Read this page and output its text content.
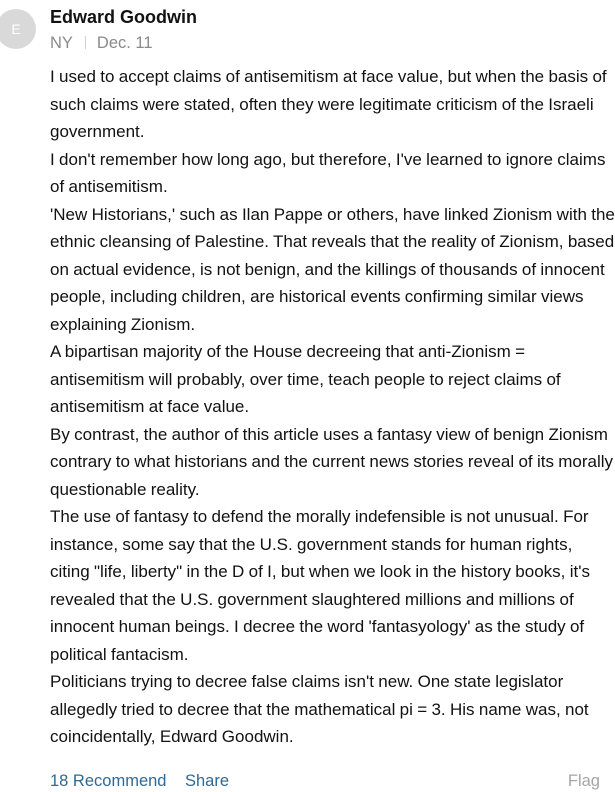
E
Edward Goodwin
NY Dec. 11

I used to accept claims of antisemitism at face value, but when the basis of such claims were stated, often they were legitimate criticism of the Israeli government.

I don't remember how long ago, but therefore, I've learned to ignore claims of antisemitism.

'New Historians,' such as Ilan Pappe or others, have linked Zionism with the ethnic cleansing of Palestine. That reveals that the reality of Zionism, based on actual evidence, is not benign, and the killings of thousands of innocent people, including children, are historical events confirming similar views explaining Zionism.

A bipartisan majority of the House decreeing that anti-Zionism = antisemitism will probably, over time, teach people to reject claims of antisemitism at face value.

By contrast, the author of this article uses a fantasy view of benign Zionism contrary to what historians and the current news stories reveal of its morally questionable reality.

The use of fantasy to defend the morally indefensible is not unusual. For instance, some say that the U.S. government stands for human rights, citing "life, liberty" in the D of I, but when we look in the history books, it's revealed that the U.S. government slaughtered millions and millions of innocent human beings. I decree the word 'fantasyology' as the study of political fantacism.

Politicians trying to decree false claims isn't new. One state legislator allegedly tried to decree that the mathematical pi = 3. His name was, not coincidentally, Edward Goodwin.

18 Recommend Share	Flag
